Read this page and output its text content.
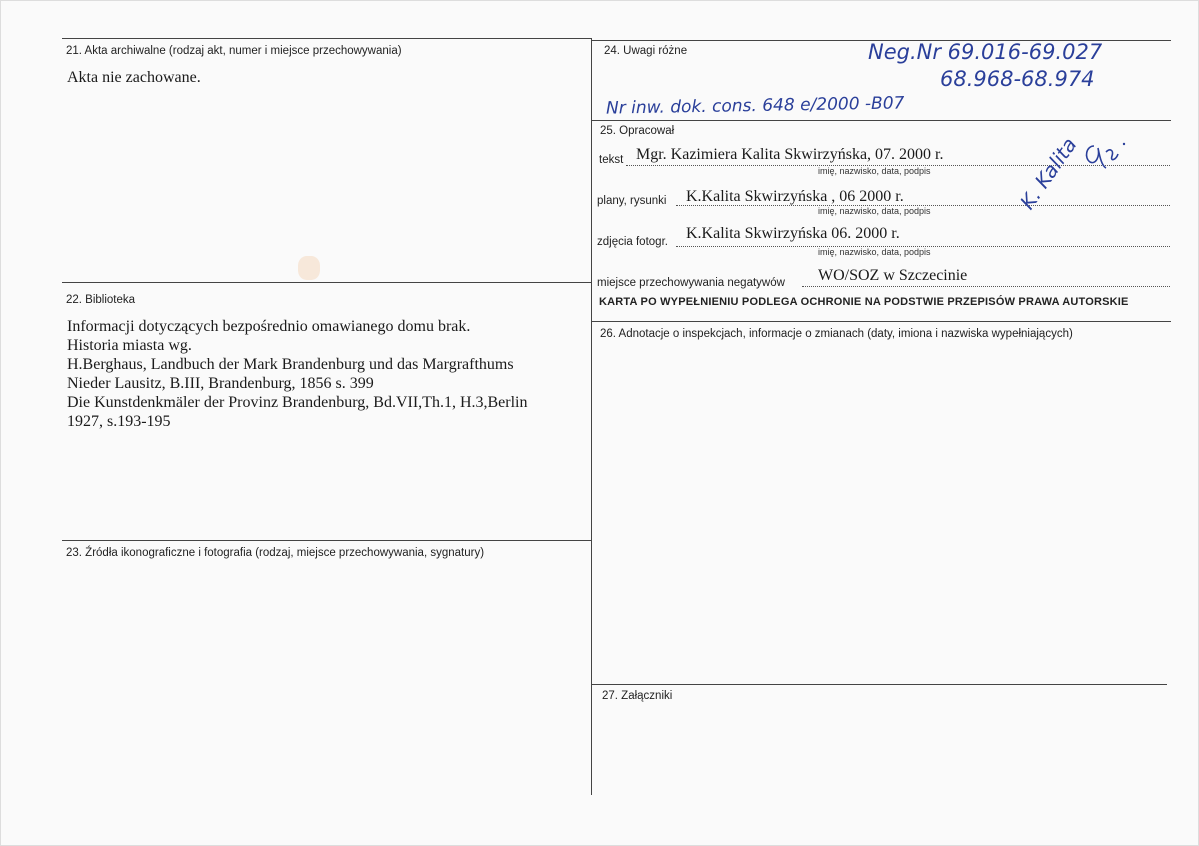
21. Akta archiwalne (rodzaj akt, numer i miejsce przechowywania)
Akta nie zachowane.
22. Biblioteka

Informacji dotyczących bezpośrednio omawianego domu brak.

Historia miasta wg.

H.Berghaus, Landbuch der Mark Brandenburg und das Margrafthums

Nieder Lausitz, B.III, Brandenburg, 1856 s. 399

Die Kunstdenkmäler der Provinz Brandenburg, Bd.VII,Th.1, H.3,Berlin

1927, s.193-195

23. Źródła ikonograficzne i fotografia (rodzaj, miejsce przechowywania, sygnatury)
24. Uwagi różne	Neg.Nr 69.016-69.027
68.968-68.974
Nr inw. dok. cons. 648 e/2000 -B07
25. Opracował
tekst Mgr. Kazimiera Kalita Skwirzyńska, 07. 2000 r.
imię, nazwisko, data, podpis
plany, rysunki K.Kalita Skwirzyńska , 06 2000 r.
imię, nazwisko, data, podpis
zdjęcia fotogr. K.Kalita Skwirzyńska 06. 2000 r.
imię, nazwisko, data, podpis
miejsce przechowywania negatywów WO/SOZ w Szczecinie
KARTA PO WYPEŁNIENIU PODLEGA OCHRONIE NA PODSTWIE PRZEPISÓW PRAWA AUTORSKIE
K. Kalita
26. Adnotacje o inspekcjach, informacje o zmianach (daty, imiona i nazwiska wypełniających)
27. Załączniki
